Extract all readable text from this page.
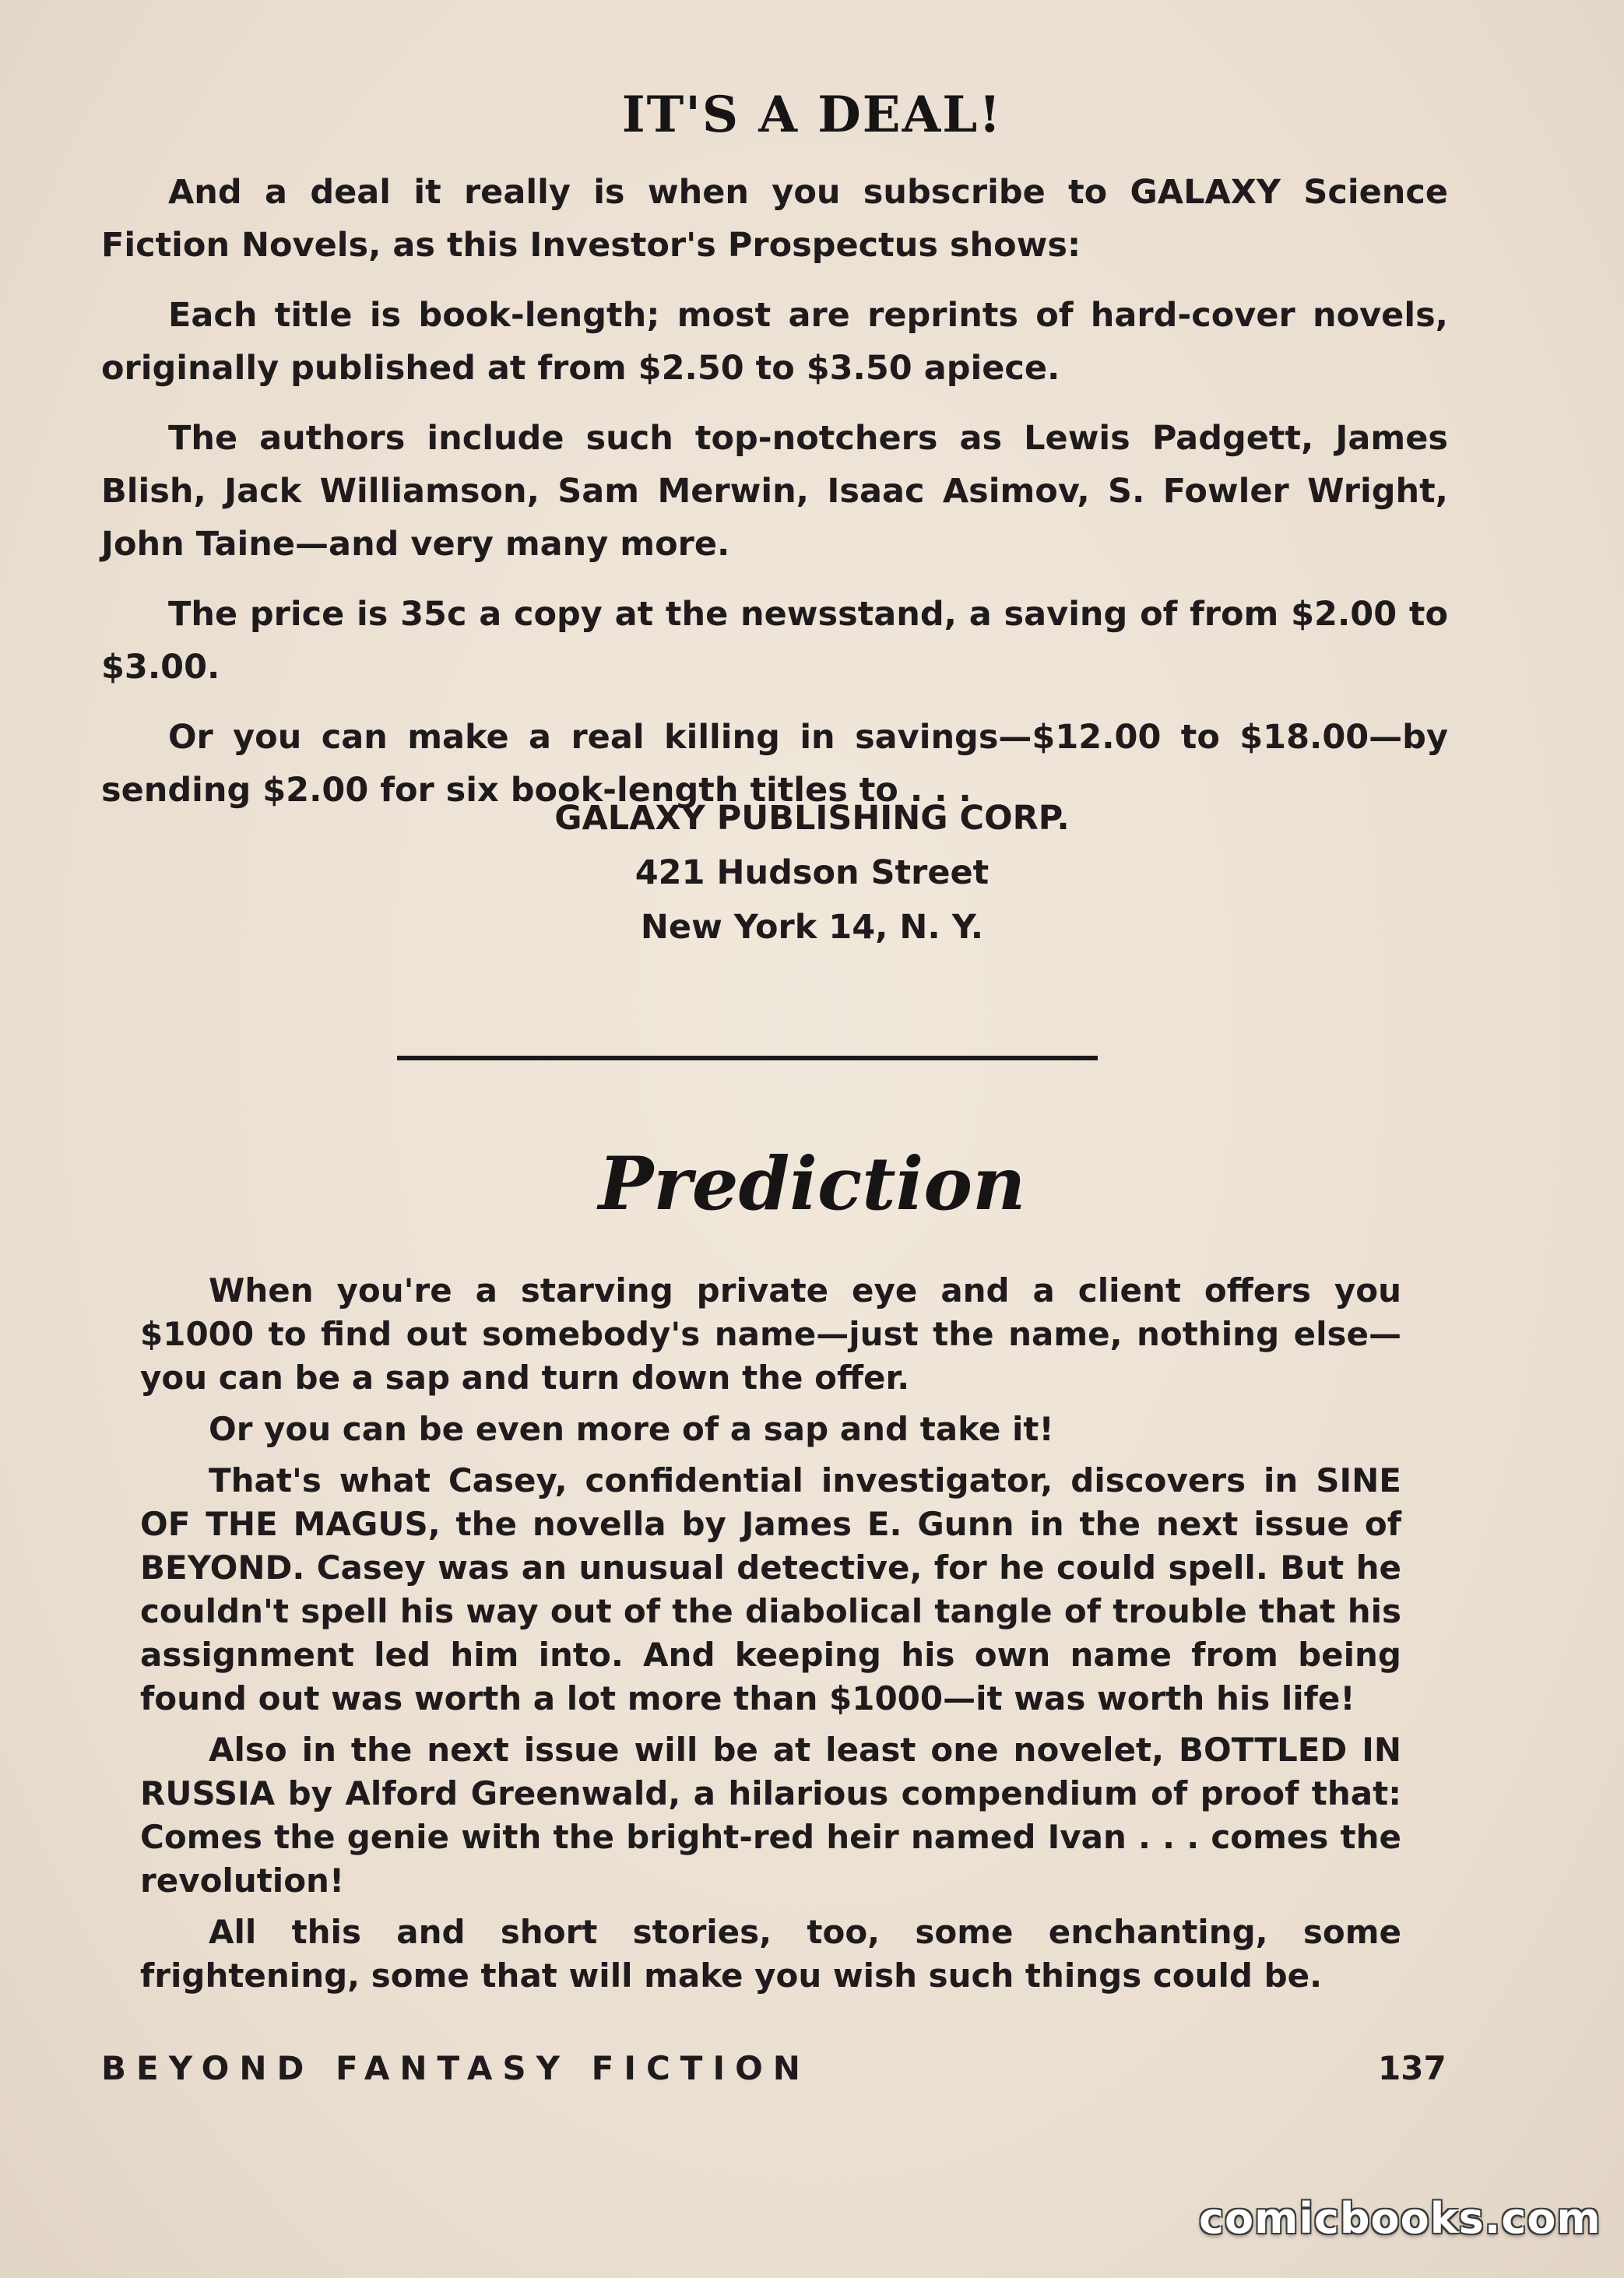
IT'S A DEAL!

And a deal it really is when you subscribe to GALAXY Science Fiction Novels, as this Investor's Prospectus shows:

Each title is book-length; most are reprints of hard-cover novels, originally published at from $2.50 to $3.50 apiece.

The authors include such top-notchers as Lewis Padgett, James Blish, Jack Williamson, Sam Merwin, Isaac Asimov, S. Fowler Wright, John Taine—and very many more.

The price is 35c a copy at the newsstand, a saving of from $2.00 to $3.00.

Or you can make a real killing in savings—$12.00 to $18.00—by sending $2.00 for six book-length titles to . . .

GALAXY PUBLISHING CORP.
421 Hudson Street
New York 14, N. Y.
Prediction

When you're a starving private eye and a client offers you $1000 to find out somebody's name—just the name, nothing else—you can be a sap and turn down the offer.

Or you can be even more of a sap and take it!

That's what Casey, confidential investigator, discovers in SINE OF THE MAGUS, the novella by James E. Gunn in the next issue of BEYOND. Casey was an unusual detective, for he could spell. But he couldn't spell his way out of the diabolical tangle of trouble that his assignment led him into. And keeping his own name from being found out was worth a lot more than $1000—it was worth his life!

Also in the next issue will be at least one novelet, BOTTLED IN RUSSIA by Alford Greenwald, a hilarious compendium of proof that: Comes the genie with the bright-red heir named Ivan . . . comes the revolution!

All this and short stories, too, some enchanting, some frightening, some that will make you wish such things could be.

BEYOND FANTASY FICTION	137
comicbooks.com
